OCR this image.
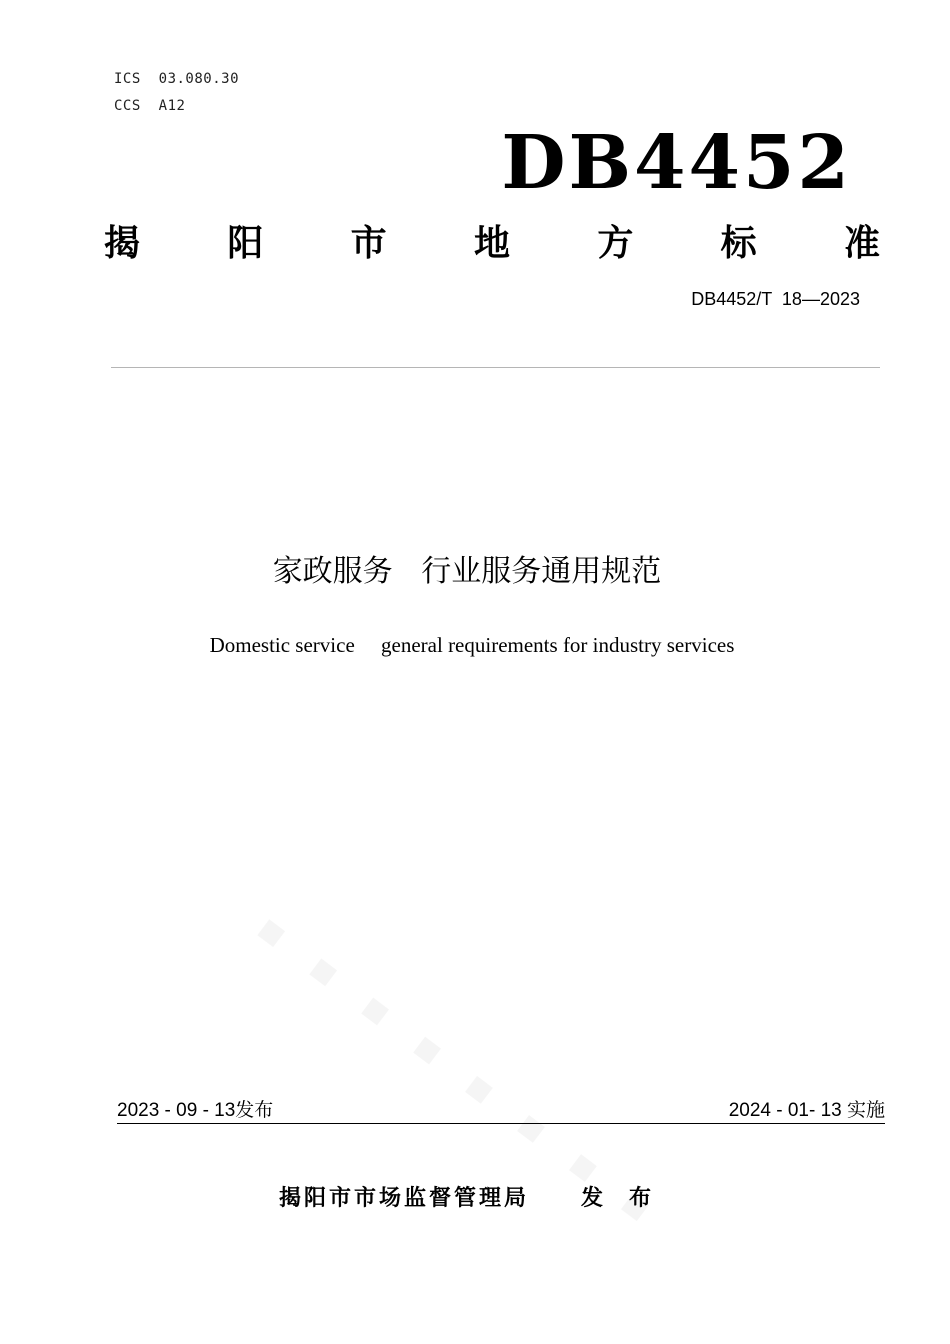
ICS  03.080.30
CCS  A12
DB4452
揭 阳 市 地 方 标 准
DB4452/T  18—2023
家政服务   行业服务通用规范
Domestic service     general requirements for industry services
2023 - 09 - 13发布	2024 - 01- 13 实施
揭阳市市场监督管理局 发布
